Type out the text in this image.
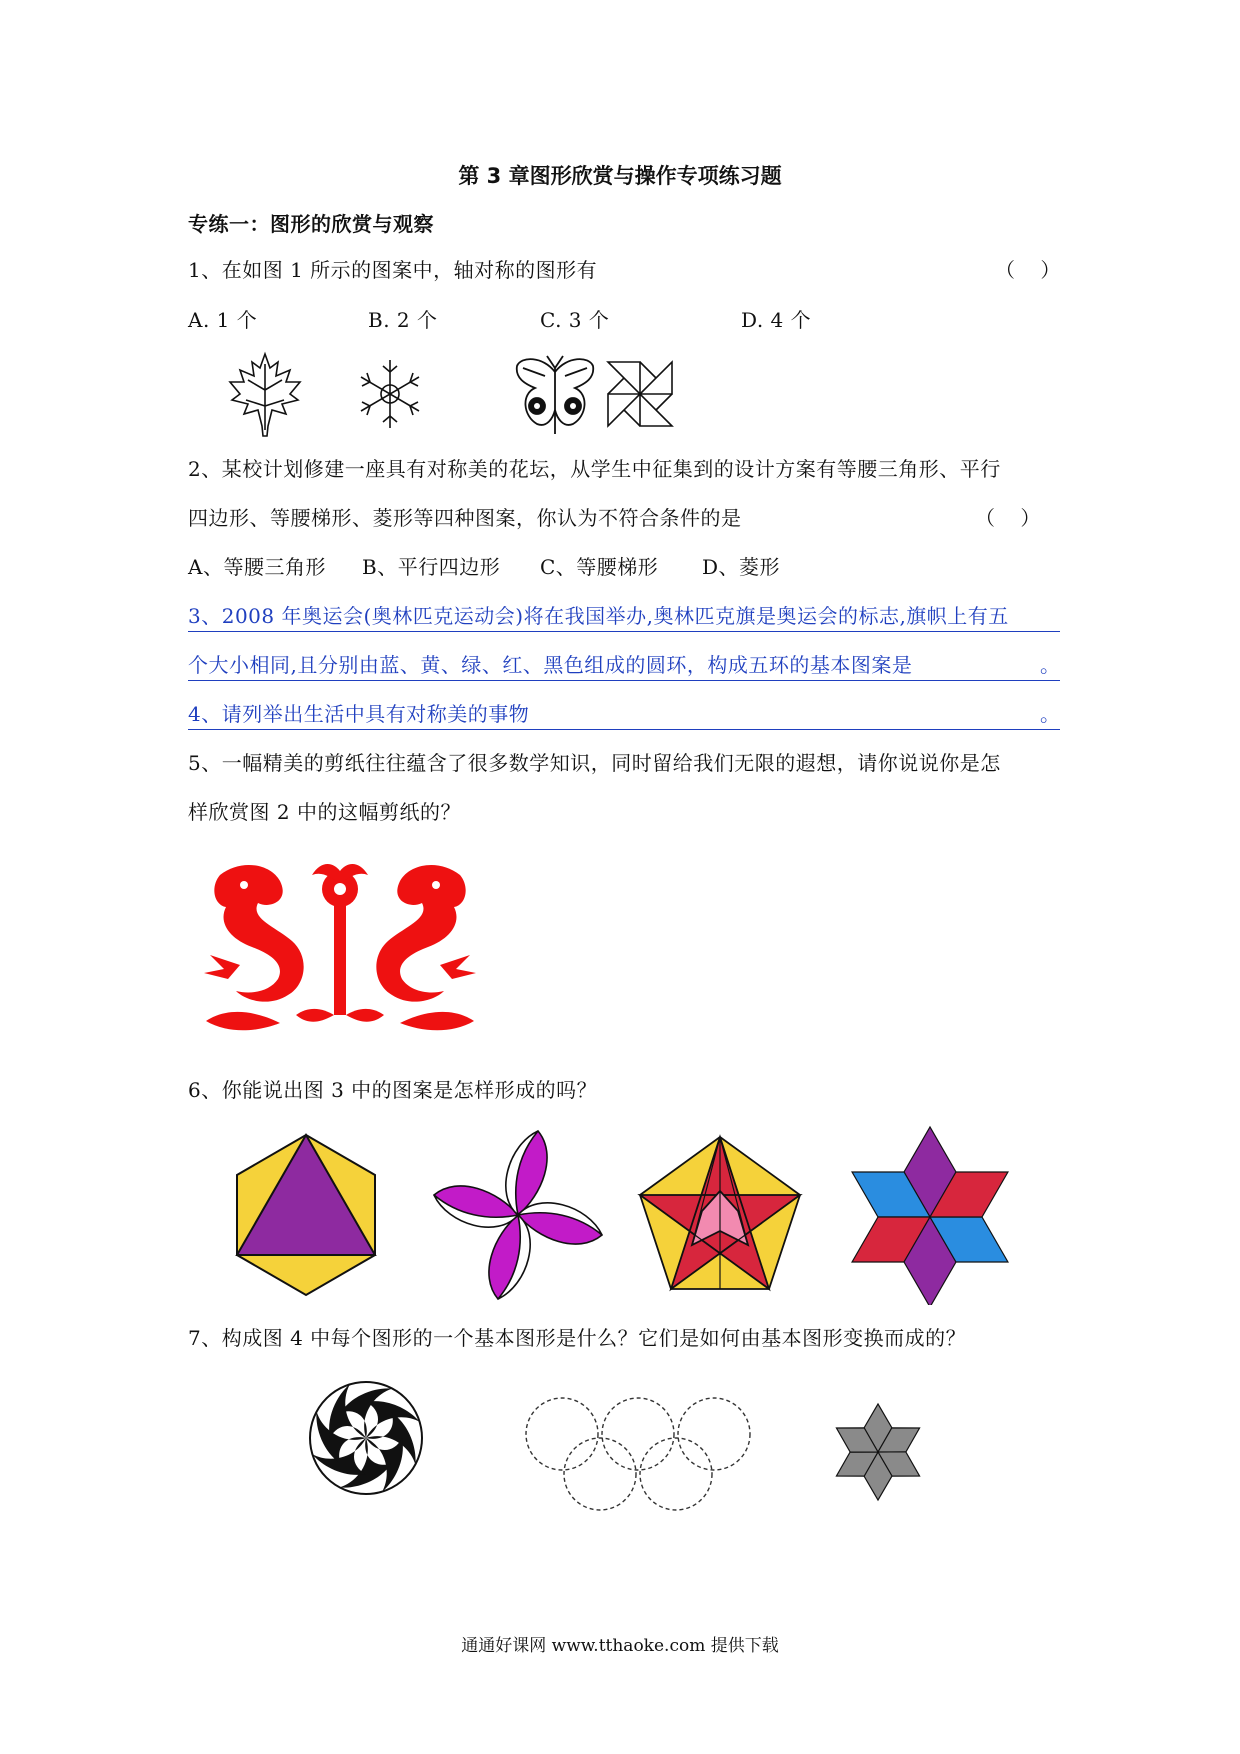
第 3 章图形欣赏与操作专项练习题
专练一：图形的欣赏与观察
1、在如图 1 所示的图案中，轴对称的图形有	（    ）
A. 1 个	B. 2 个	C. 3 个	D. 4 个
2、某校计划修建一座具有对称美的花坛，从学生中征集到的设计方案有等腰三角形、平行
四边形、等腰梯形、菱形等四种图案，你认为不符合条件的是	（    ）
A、等腰三角形 B、平行四边形 C、等腰梯形 D、菱形
3、2008 年奥运会(奥林匹克运动会)将在我国举办,奥林匹克旗是奥运会的标志,旗帜上有五
个大小相同,且分别由蓝、黄、绿、红、黑色组成的圆环，构成五环的基本图案是	。
4、请列举出生活中具有对称美的事物	。
5、一幅精美的剪纸往往蕴含了很多数学知识，同时留给我们无限的遐想，请你说说你是怎
样欣赏图 2 中的这幅剪纸的？
6、你能说出图 3 中的图案是怎样形成的吗？
7、构成图 4 中每个图形的一个基本图形是什么？它们是如何由基本图形变换而成的？
通通好课网 www.tthaoke.com 提供下载
